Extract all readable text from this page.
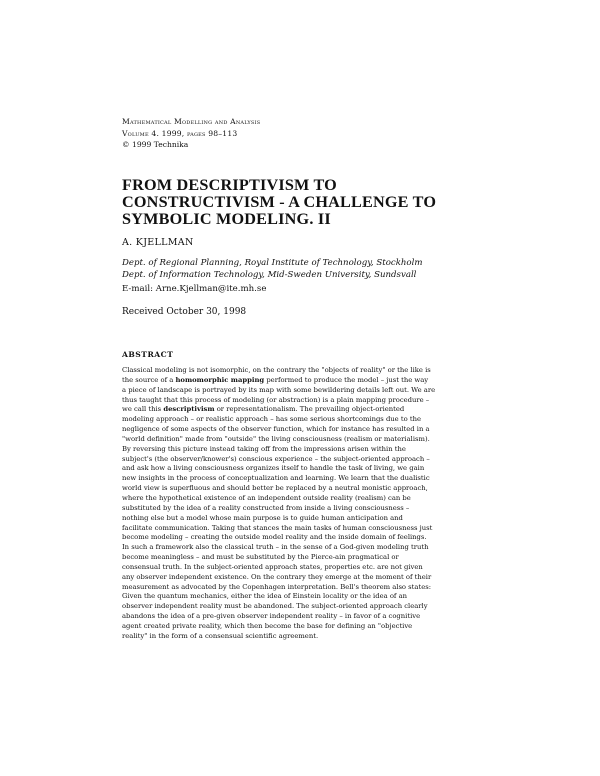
Mathematical Modelling and Analysis
Volume 4. 1999, pages 98–113
© 1999 Technika
FROM DESCRIPTIVISM TO
CONSTRUCTIVISM - A CHALLENGE TO
SYMBOLIC MODELING. II
A. KJELLMAN
Dept. of Regional Planning, Royal Institute of Technology, Stockholm
Dept. of Information Technology, Mid-Sweden University, Sundsvall
E-mail: Arne.Kjellman@ite.mh.se
Received October 30, 1998
ABSTRACT
Classical modeling is not isomorphic, on the contrary the "objects of reality" or the like is
the source of a homomorphic mapping performed to produce the model – just the way
a piece of landscape is portrayed by its map with some bewildering details left out. We are
thus taught that this process of modeling (or abstraction) is a plain mapping procedure –
we call this descriptivism or representationalism. The prevailing object-oriented
modeling approach – or realistic approach – has some serious shortcomings due to the
negligence of some aspects of the observer function, which for instance has resulted in a
"world definition" made from "outside" the living consciousness (realism or materialism).
By reversing this picture instead taking off from the impressions arisen within the
subject's (the observer/knower's) conscious experience – the subject-oriented approach –
and ask how a living consciousness organizes itself to handle the task of living, we gain
new insights in the process of conceptualization and learning. We learn that the dualistic
world view is superfluous and should better be replaced by a neutral monistic approach,
where the hypothetical existence of an independent outside reality (realism) can be
substituted by the idea of a reality constructed from inside a living consciousness –
nothing else but a model whose main purpose is to guide human anticipation and
facilitate communication. Taking that stances the main tasks of human consciousness just
become modeling – creating the outside model reality and the inside domain of feelings.
In such a framework also the classical truth – in the sense of a God-given modeling truth
become meaningless – and must be substituted by the Pierce-ain pragmatical or
consensual truth. In the subject-oriented approach states, properties etc. are not given
any observer independent existence. On the contrary they emerge at the moment of their
measurement as advocated by the Copenhagen interpretation. Bell's theorem also states:
Given the quantum mechanics, either the idea of Einstein locality or the idea of an
observer independent reality must be abandoned. The subject-oriented approach clearly
abandons the idea of a pre-given observer independent reality – in favor of a cognitive
agent created private reality, which then become the base for defining an "objective
reality" in the form of a consensual scientific agreement.
